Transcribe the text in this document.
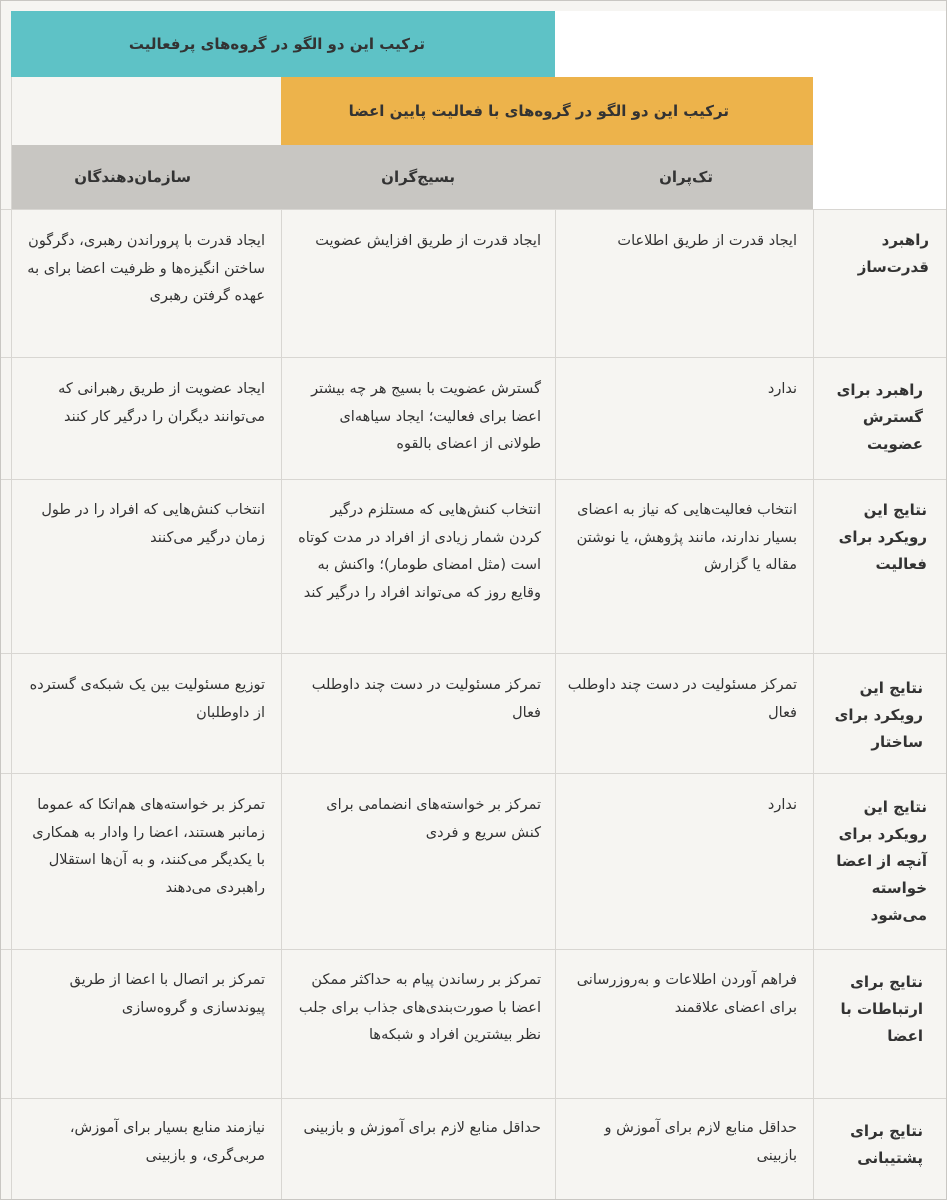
ترکیب این دو الگو در گروه‌های پرفعالیت
ترکیب این دو الگو در گروه‌های با فعالیت پایین اعضا
تک‌پران
بسیج‌گران
سازمان‌دهندگان
راهبرد قدرت‌ساز
ایجاد قدرت از طریق اطلاعات
ایجاد قدرت از طریق افزایش عضویت
ایجاد قدرت با پروراندن رهبری، دگرگون ساختن انگیزه‌ها و ظرفیت اعضا برای به عهده گرفتن رهبری
راهبرد برای گسترش عضویت
ندارد
گسترش عضویت با بسیج هر چه بیشتر اعضا برای فعالیت؛ ایجاد سیاهه‌ای طولانی از اعضای بالقوه
ایجاد عضویت از طریق رهبرانی که می‌توانند دیگران را درگیر کار کنند
نتایج این رویکرد برای فعالیت
انتخاب فعالیت‌هایی که نیاز به اعضای بسیار ندارند، مانند پژوهش، یا نوشتن مقاله یا گزارش
انتخاب کنش‌هایی که مستلزم درگیر کردن شمار زیادی از افراد در مدت کوتاه است (مثل امضای طومار)؛ واکنش به وقایع روز که می‌تواند افراد را درگیر کند
انتخاب کنش‌هایی که افراد را در طول زمان درگیر می‌کنند
نتایج این رویکرد برای ساختار
تمرکز مسئولیت در دست چند داوطلب فعال
تمرکز مسئولیت در دست چند داوطلب فعال
توزیع مسئولیت بین یک شبکه‌ی گسترده از داوطلبان
نتایج این رویکرد برای آنچه از اعضا خواسته می‌شود
ندارد
تمرکز بر خواسته‌های انضمامی برای کنش سریع و فردی
تمرکز بر خواسته‌های هم‌اتکا که عموما زمانبر هستند، اعضا را وادار به همکاری با یکدیگر می‌کنند، و به آن‌ها استقلال راهبردی می‌دهند
نتایج برای ارتباطات با اعضا
فراهم آوردن اطلاعات و به‌روزرسانی برای اعضای علاقمند
تمرکز بر رساندن پیام به حداکثر ممکن اعضا با صورت‌بندی‌های جذاب برای جلب نظر بیشترین افراد و شبکه‌ها
تمرکز بر اتصال با اعضا از طریق پیوندسازی و گروه‌سازی
نتایج برای پشتیبانی
حداقل منابع لازم برای آموزش و بازبینی
حداقل منابع لازم برای آموزش و بازبینی
نیازمند منابع بسیار برای آموزش، مربی‌گری، و بازبینی
